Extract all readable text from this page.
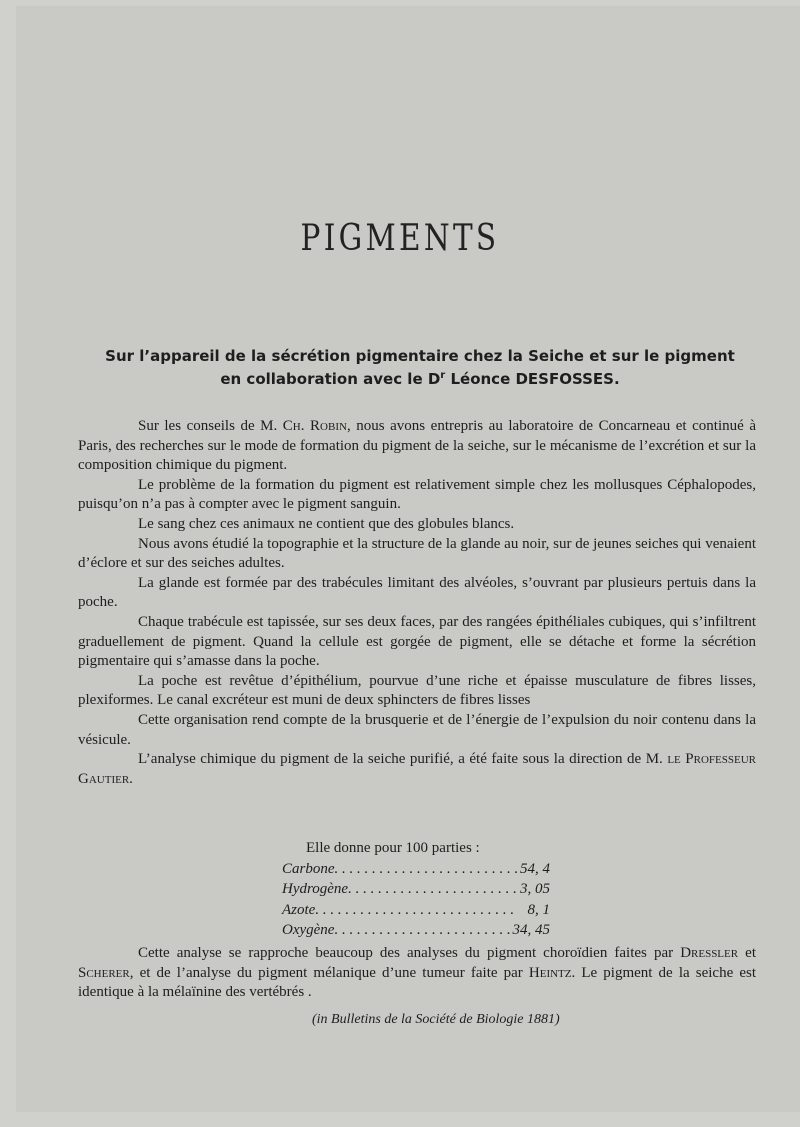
PIGMENTS
Sur l’appareil de la sécrétion pigmentaire chez la Seiche et sur le pigment
en collaboration avec le $D^r$ Léonce DESFOSSES.

Sur les conseils de M. Ch. Robin, nous avons entrepris au laboratoire de Concarneau et continué à Paris, des recherches sur le mode de formation du pigment de la seiche, sur le mécanisme de l’excrétion et sur la composition chimique du pigment.

Le problème de la formation du pigment est relativement simple chez les mollusques Céphalopodes, puisqu’on n’a pas à compter avec le pigment sanguin.

Le sang chez ces animaux ne contient que des globules blancs.

Nous avons étudié la topographie et la structure de la glande au noir, sur de jeunes seiches qui venaient d’éclore et sur des seiches adultes.

La glande est formée par des trabécules limitant des alvéoles, s’ouvrant par plusieurs pertuis dans la poche.

Chaque trabécule est tapissée, sur ses deux faces, par des rangées épithéliales cubiques, qui s’infiltrent graduellement de pigment. Quand la cellule est gorgée de pigment, elle se détache et forme la sécrétion pigmentaire qui s’amasse dans la poche.

La poche est revêtue d’épithélium, pourvue d’une riche et épaisse musculature de fibres lisses, plexiformes. Le canal excréteur est muni de deux sphincters de fibres lisses

Cette organisation rend compte de la brusquerie et de l’énergie de l’expulsion du noir contenu dans la vésicule.

L’analyse chimique du pigment de la seiche purifié, a été faite sous la direction de M. le Professeur Gautier.

Elle donne pour 100 parties :
Carbone . . .	54, 4
Hydrogène . . .	3, 05
Azote . . .	8, 1
Oxygène . . .	34, 45

Cette analyse se rapproche beaucoup des analyses du pigment choroïdien faites par Dressler et Scherer, et de l’analyse du pigment mélanique d’une tumeur faite par Heintz. Le pigment de la seiche est identique à la mélaïnine des vertébrés .

(in Bulletins de la Société de Biologie 1881)
